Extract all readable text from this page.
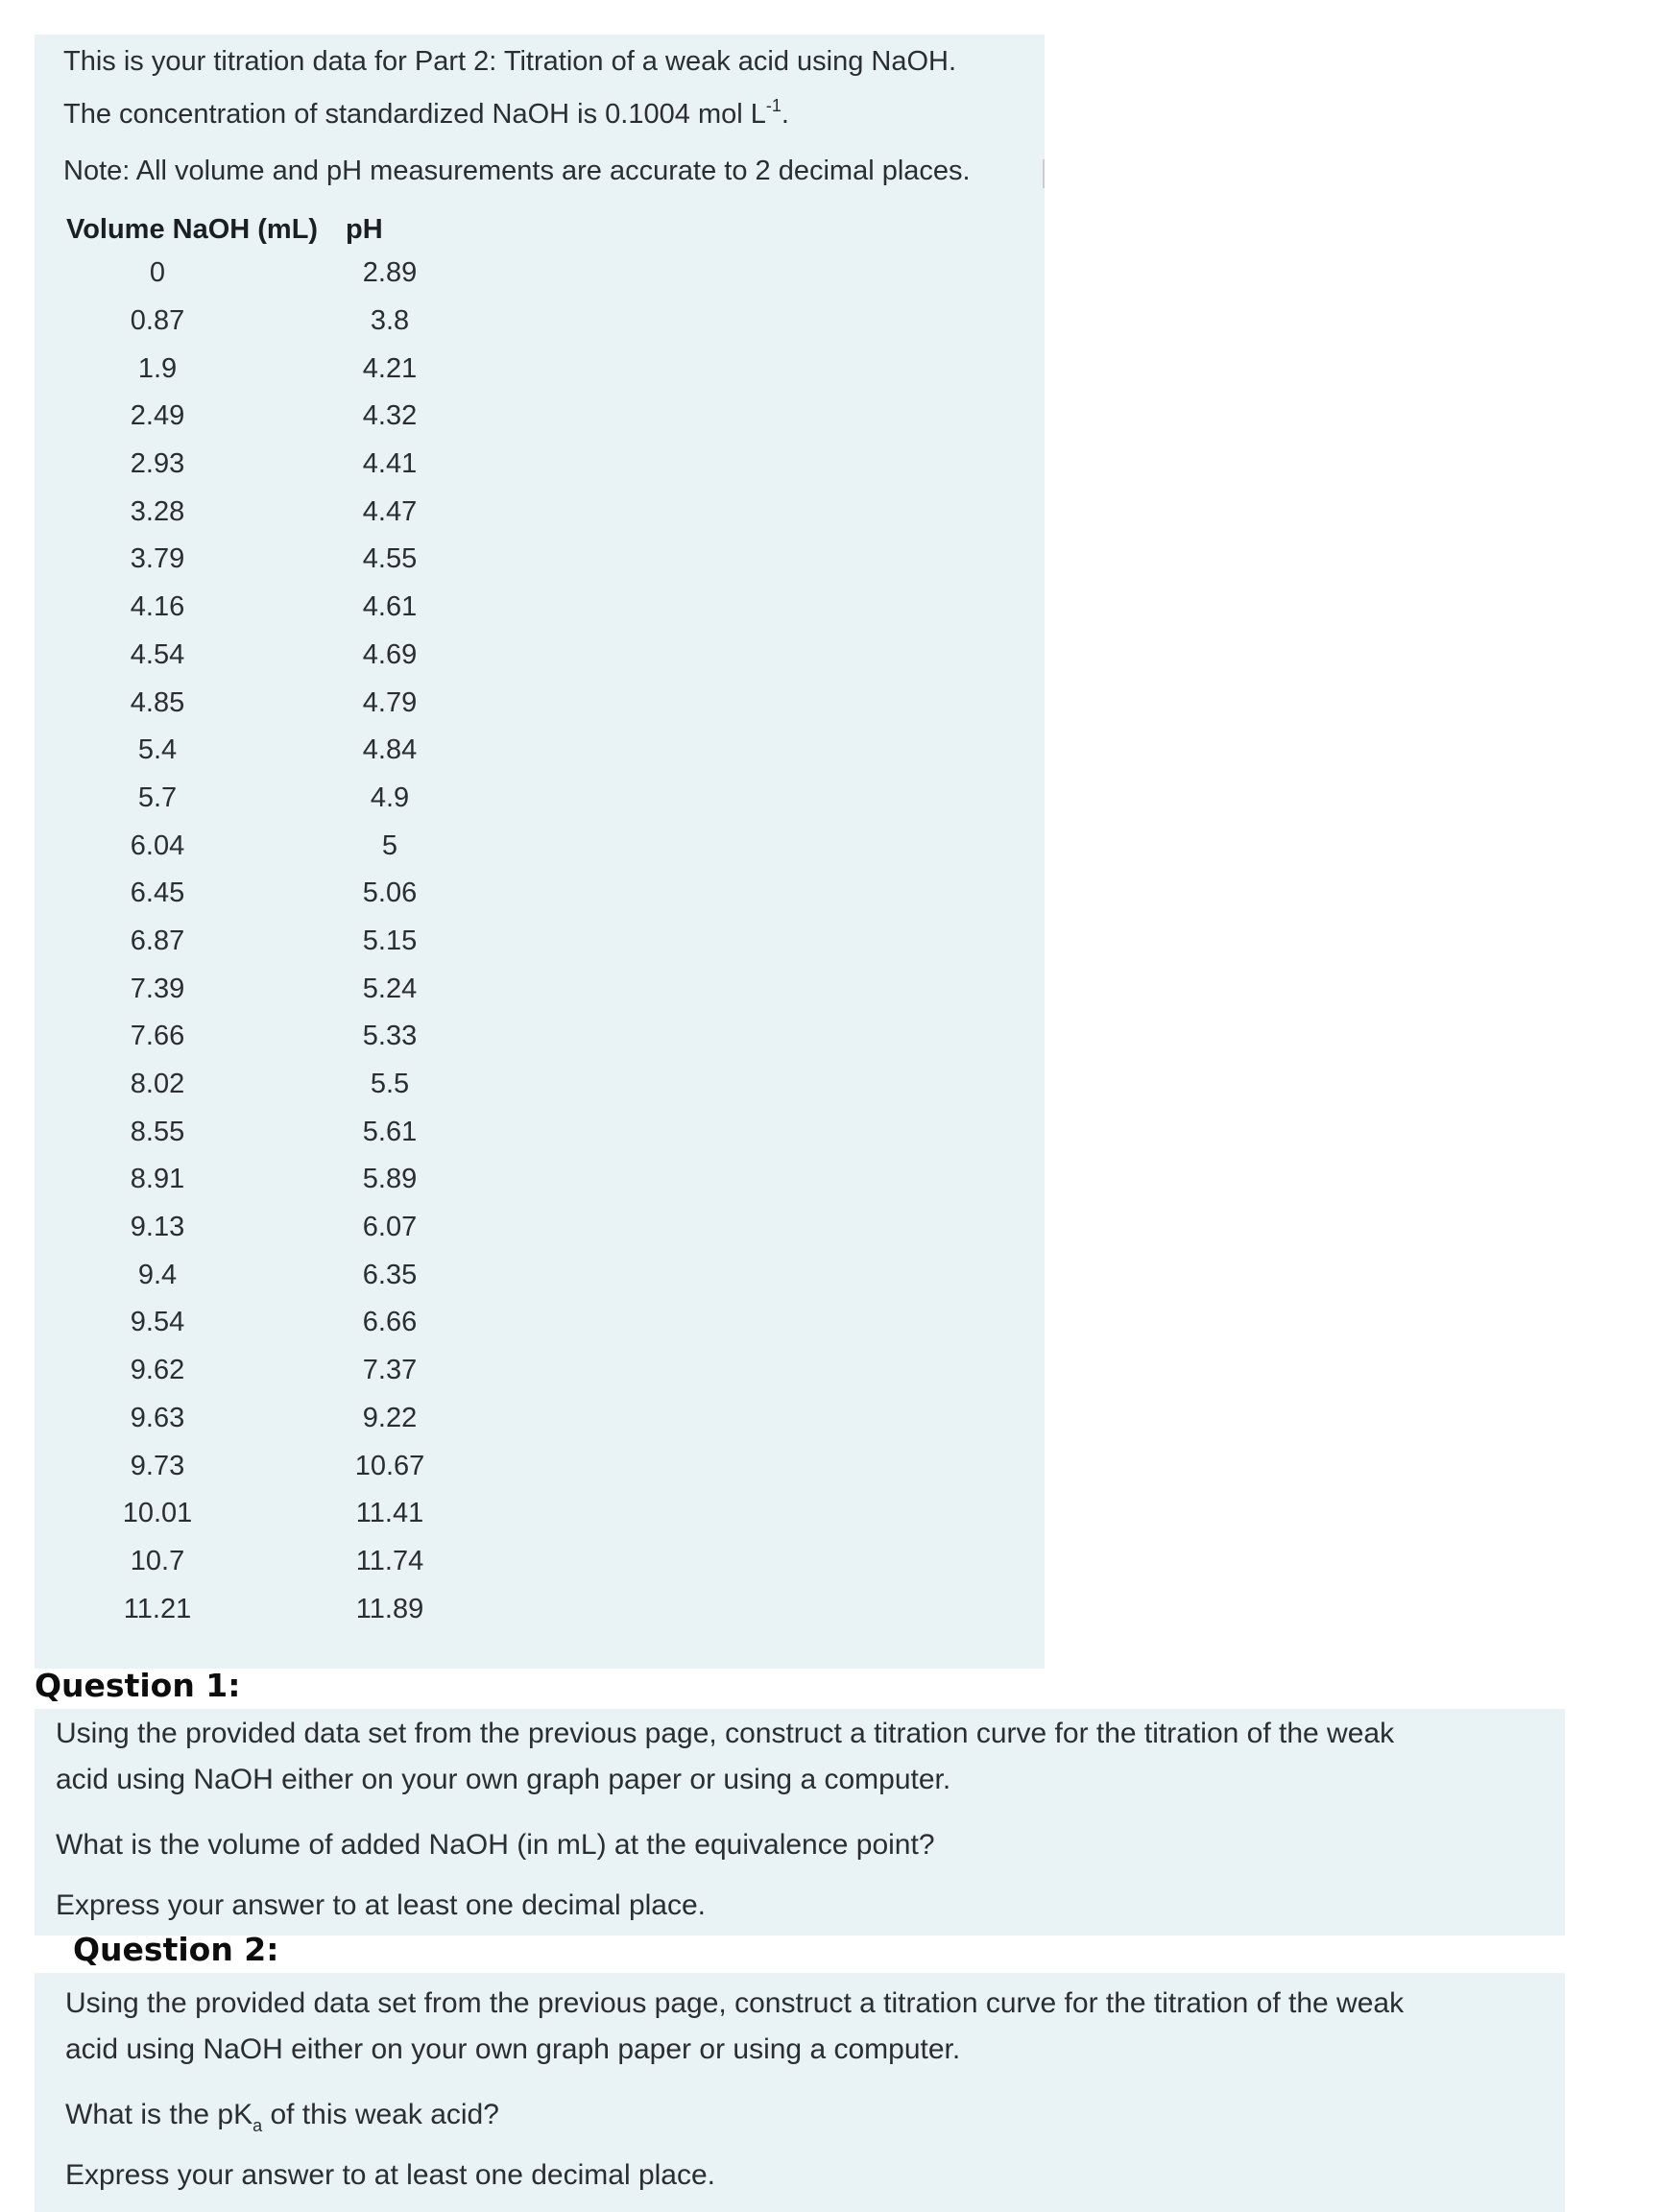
This is your titration data for Part 2: Titration of a weak acid using NaOH.
The concentration of standardized NaOH is 0.1004 mol $L^{-1}$.
Note: All volume and pH measurements are accurate to 2 decimal places.
Volume NaOH (mL)	pH
0	2.89
0.87	3.8
1.9	4.21
2.49	4.32
2.93	4.41
3.28	4.47
3.79	4.55
4.16	4.61
4.54	4.69
4.85	4.79
5.4	4.84
5.7	4.9
6.04	5
6.45	5.06
6.87	5.15
7.39	5.24
7.66	5.33
8.02	5.5
8.55	5.61
8.91	5.89
9.13	6.07
9.4	6.35
9.54	6.66
9.62	7.37
9.63	9.22
9.73	10.67
10.01	11.41
10.7	11.74
11.21	11.89
Question 1:
Using the provided data set from the previous page, construct a titration curve for the titration of the weak
acid using NaOH either on your own graph paper or using a computer.
What is the volume of added NaOH (in mL) at the equivalence point?
Express your answer to at least one decimal place.
Question 2:
Using the provided data set from the previous page, construct a titration curve for the titration of the weak
acid using NaOH either on your own graph paper or using a computer.
What is the $pK_a$ of this weak acid?
Express your answer to at least one decimal place.
